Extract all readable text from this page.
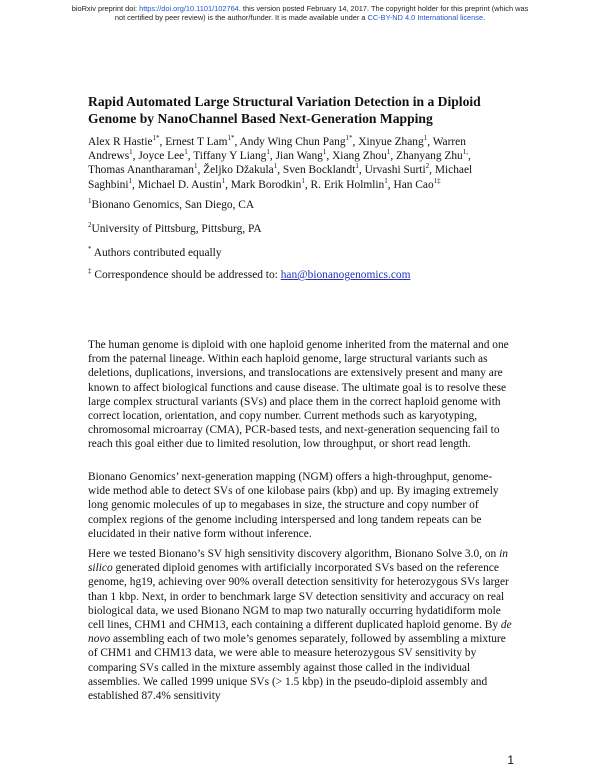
bioRxiv preprint doi: https://doi.org/10.1101/102764. this version posted February 14, 2017. The copyright holder for this preprint (which was
not certified by peer review) is the author/funder. It is made available under a CC-BY-ND 4.0 International license.
Rapid Automated Large Structural Variation Detection in a Diploid Genome by NanoChannel Based Next-Generation Mapping
Alex R Hastie$^{1*}$, Ernest T Lam$^{1*}$, Andy Wing Chun Pang$^{1*}$, Xinyue Zhang$^1$, Warren Andrews$^1$, Joyce Lee$^1$, Tiffany Y Liang$^1$, Jian Wang$^1$, Xiang Zhou$^1$, Zhanyang Zhu$^{1,}$, Thomas Anantharaman$^1$, Željko Džakula$^1$, Sven Bocklandt$^1$, Urvashi Surti$^2$, Michael Saghbini$^1$, Michael D. Austin$^1$, Mark Borodkin$^1$, R. Erik Holmlin$^1$, Han Cao$^{1\ddagger}$
$^1$Bionano Genomics, San Diego, CA
$^2$University of Pittsburg, Pittsburg, PA
* Authors contributed equally
‡ Correspondence should be addressed to: han@bionanogenomics.com

The human genome is diploid with one haploid genome inherited from the maternal and one from the paternal lineage. Within each haploid genome, large structural variants such as deletions, duplications, inversions, and translocations are extensively present and many are known to affect biological functions and cause disease. The ultimate goal is to resolve these large complex structural variants (SVs) and place them in the correct haploid genome with correct location, orientation, and copy number. Current methods such as karyotyping, chromosomal microarray (CMA), PCR-based tests, and next-generation sequencing fail to reach this goal either due to limited resolution, low throughput, or short read length.

Bionano Genomics’ next-generation mapping (NGM) offers a high-throughput, genome-wide method able to detect SVs of one kilobase pairs (kbp) and up. By imaging extremely long genomic molecules of up to megabases in size, the structure and copy number of complex regions of the genome including interspersed and long tandem repeats can be elucidated in their native form without inference.

Here we tested Bionano’s SV high sensitivity discovery algorithm, Bionano Solve 3.0, on in silico generated diploid genomes with artificially incorporated SVs based on the reference genome, hg19, achieving over 90% overall detection sensitivity for heterozygous SVs larger than 1 kbp. Next, in order to benchmark large SV detection sensitivity and accuracy on real biological data, we used Bionano NGM to map two naturally occurring hydatidiform mole cell lines, CHM1 and CHM13, each containing a different duplicated haploid genome. By de novo assembling each of two mole’s genomes separately, followed by assembling a mixture of CHM1 and CHM13 data, we were able to measure heterozygous SV sensitivity by comparing SVs called in the mixture assembly against those called in the individual assemblies. We called 1999 unique SVs (> 1.5 kbp) in the pseudo-diploid assembly and established 87.4% sensitivity

1
